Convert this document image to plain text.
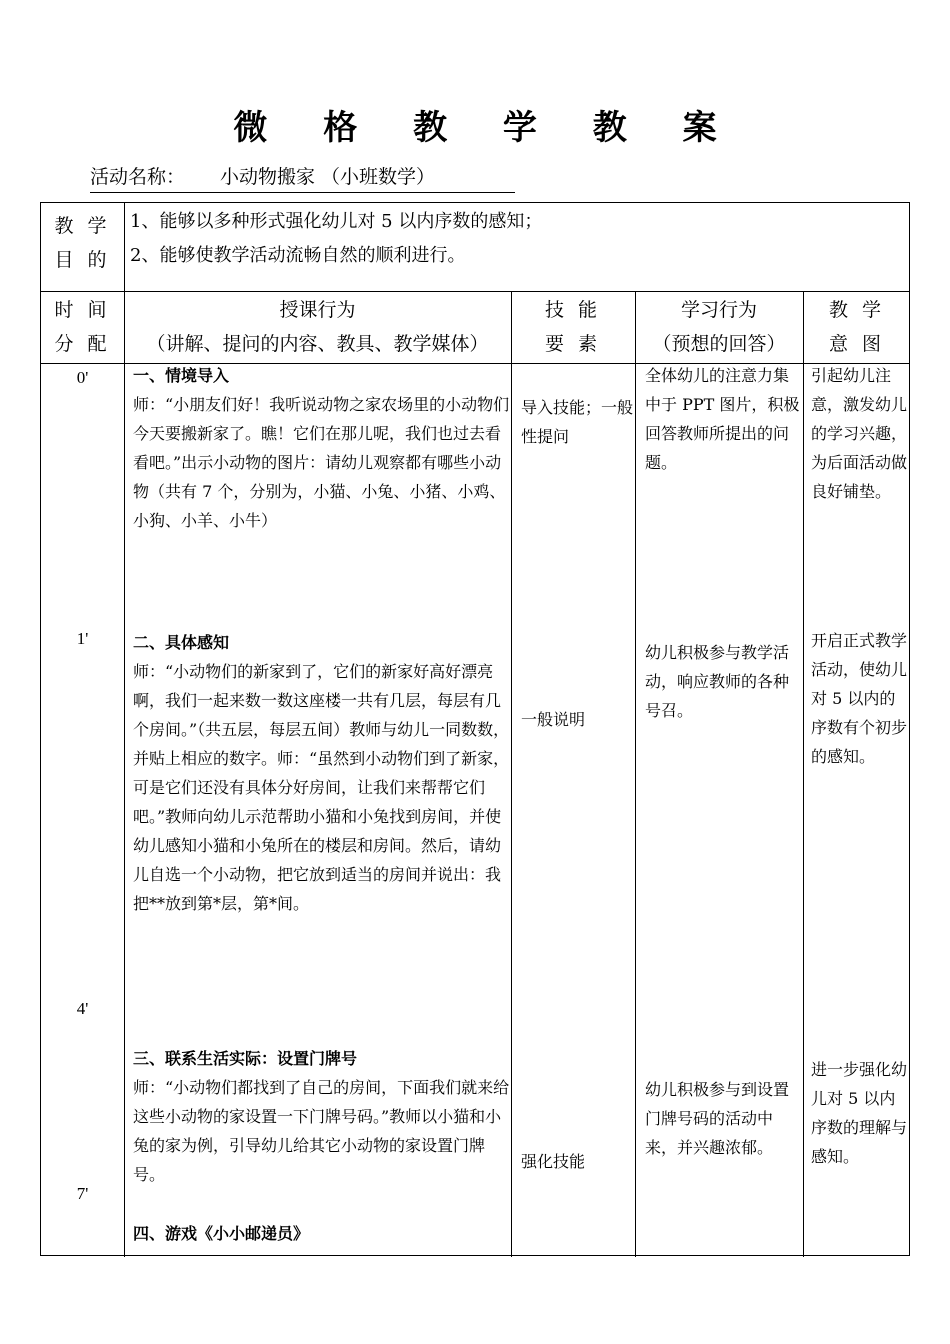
微 格 教 学 教 案
活动名称： 小动物搬家 （小班数学）
教 学
目 的
1、能够以多种形式强化幼儿对 5 以内序数的感知；
2、能够使教学活动流畅自然的顺利进行。
时 间
分 配
授课行为
（讲解、提问的内容、教具、教学媒体）
技 能
要 素
学习行为
（预想的回答）
教 学
意 图
0'
1'
4'
7'

一、情境导入

师：“小朋友们好！我听说动物之家农场里的小动物们今天要搬新家了。瞧！它们在那儿呢，我们也过去看看吧。”出示小动物的图片：请幼儿观察都有哪些小动物（共有 7 个，分别为，小猫、小兔、小猪、小鸡、小狗、小羊、小牛）

导入技能；一般性提问
全体幼儿的注意力集中于 PPT 图片，积极回答教师所提出的问题。
引起幼儿注意，激发幼儿的学习兴趣，为后面活动做良好铺垫。

二、具体感知

师：“小动物们的新家到了，它们的新家好高好漂亮啊，我们一起来数一数这座楼一共有几层，每层有几个房间。”（共五层，每层五间）教师与幼儿一同数数，并贴上相应的数字。师：“虽然到小动物们到了新家，可是它们还没有具体分好房间，让我们来帮帮它们吧。”教师向幼儿示范帮助小猫和小兔找到房间，并使幼儿感知小猫和小兔所在的楼层和房间。然后，请幼儿自选一个小动物，把它放到适当的房间并说出：我把**放到第*层，第*间。

一般说明
幼儿积极参与教学活动，响应教师的各种号召。
开启正式教学活动，使幼儿对 5 以内的序数有个初步的感知。

三、联系生活实际：设置门牌号

师：“小动物们都找到了自己的房间，下面我们就来给这些小动物的家设置一下门牌号码。”教师以小猫和小兔的家为例，引导幼儿给其它小动物的家设置门牌号。

强化技能
幼儿积极参与到设置门牌号码的活动中来，并兴趣浓郁。
进一步强化幼儿对 5 以内序数的理解与感知。

四、游戏《小小邮递员》
